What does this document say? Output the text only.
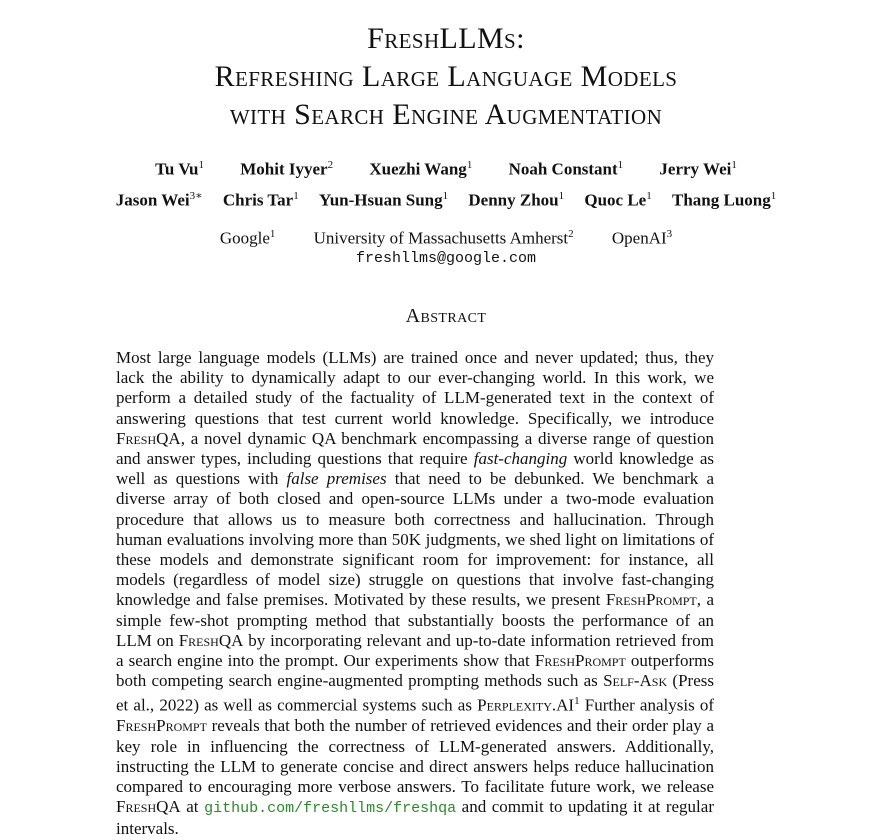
FreshLLMs:
Refreshing Large Language Models
with Search Engine Augmentation
Tu Vu$^1$ Mohit Iyyer$^2$ Xuezhi Wang$^1$ Noah Constant$^1$ Jerry Wei$^1$
Jason Wei$^{3∗}$ Chris Tar$^1$ Yun-Hsuan Sung$^1$ Denny Zhou$^1$ Quoc Le$^1$ Thang Luong$^1$
Google$^1$ University of Massachusetts Amherst$^2$ OpenAI$^3$
freshllms@google.com
Abstract
Most large language models (LLMs) are trained once and never updated; thus, they lack the ability to dynamically adapt to our ever-changing world. In this work, we perform a detailed study of the factuality of LLM-generated text in the context of answering questions that test current world knowledge. Specifically, we introduce FreshQA, a novel dynamic QA benchmark encompassing a diverse range of question and answer types, including questions that require fast-changing world knowledge as well as questions with false premises that need to be debunked. We benchmark a diverse array of both closed and open-source LLMs under a two-mode evaluation procedure that allows us to measure both correctness and hallucination. Through human evaluations involving more than 50K judgments, we shed light on limitations of these models and demonstrate significant room for improvement: for instance, all models (regardless of model size) struggle on questions that involve fast-changing knowledge and false premises. Motivated by these results, we present FreshPrompt, a simple few-shot prompting method that substantially boosts the performance of an LLM on FreshQA by incorporating relevant and up-to-date information retrieved from a search engine into the prompt. Our experiments show that FreshPrompt outperforms both competing search engine-augmented prompting methods such as Self-Ask (Press et al., 2022) as well as commercial systems such as $Perplexity.AI^1$ Further analysis of FreshPrompt reveals that both the number of retrieved evidences and their order play a key role in influencing the correctness of LLM-generated answers. Additionally, instructing the LLM to generate concise and direct answers helps reduce hallucination compared to encouraging more verbose answers. To facilitate future work, we release FreshQA at github.com/freshllms/freshqa and commit to updating it at regular intervals.
